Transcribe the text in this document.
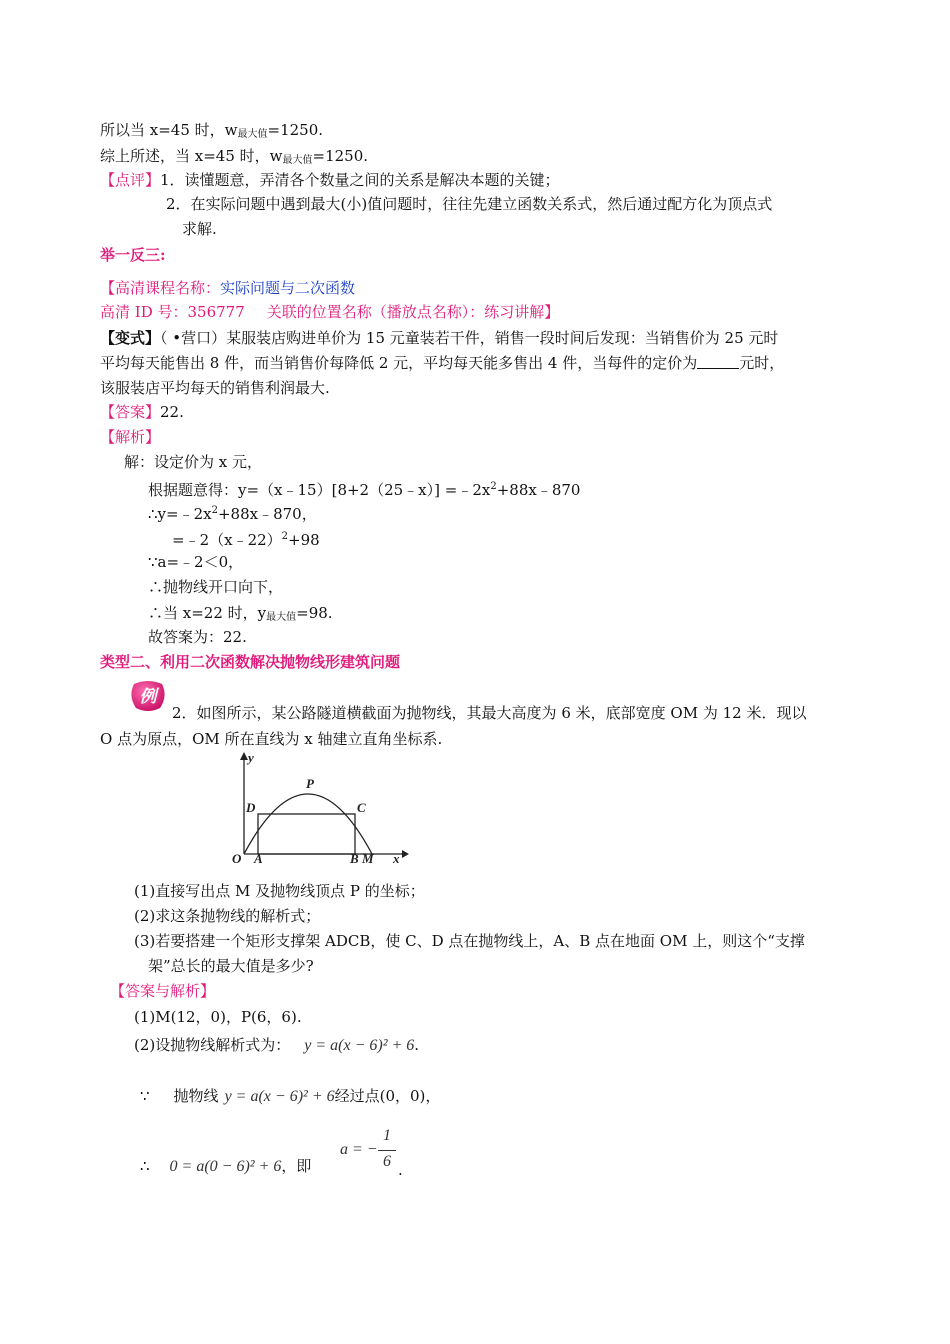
所以当 x=45 时，$w_{最大值}=1250$.
综上所述，当 x=45 时，$w_{最大值}=1250$.
【点评】1．读懂题意，弄清各个数量之间的关系是解决本题的关键；
2．在实际问题中遇到最大(小)值问题时，往往先建立函数关系式，然后通过配方化为顶点式
求解.
举一反三:
【高清课程名称：实际问题与二次函数
高清 ID 号：356777 关联的位置名称（播放点名称）：练习讲解】
【变式】（ •营口）某服装店购进单价为 15 元童装若干件，销售一段时间后发现：当销售价为 25 元时
平均每天能售出 8 件，而当销售价每降低 2 元，平均每天能多售出 4 件，当每件的定价为	元时，
该服装店平均每天的销售利润最大.
【答案】22.
【解析】
解：设定价为 x 元，
根据题意得：y=（x﹣15）[8+2（25﹣x）] $=﹣2x^2+88x﹣870$
$\therefore y=﹣2x^2+88x﹣870$，
=﹣2（x﹣22）$^2$+98
∵a=﹣2＜0，
∴抛物线开口向下，
∴当 x=22 时，$y_{最大值}=98$.
故答案为：22.
类型二、利用二次函数解决抛物线形建筑问题
例
2．如图所示，某公路隧道横截面为抛物线，其最大高度为 6 米，底部宽度 OM 为 12 米．现以
O 点为原点，OM 所在直线为 x 轴建立直角坐标系.
y
x
O A	B M
D	C
P
(1)直接写出点 M 及抛物线顶点 P 的坐标；
(2)求这条抛物线的解析式；
(3)若要搭建一个矩形支撑架 ADCB，使 C、D 点在抛物线上，A、B 点在地面 OM 上，则这个“支撑
架”总长的最大值是多少?
【答案与解析】
(1)M(12，0)，P(6，6).
(2)设抛物线解析式为： y = a(x − 6)² + 6.
∵ 抛物线 y = a(x − 6)² + 6经过点(0，0)，
∴ 0 = a(0 − 6)² + 6，即
a = −
1
6 .
